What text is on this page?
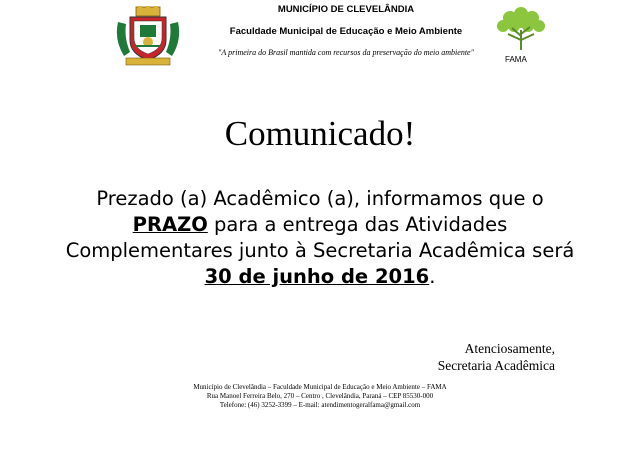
MUNICÍPIO DE CLEVELÂNDIA
Faculdade Municipal de Educação e Meio Ambiente
"A primeira do Brasil mantida com recursos da preservação do meio ambiente"
FAMA
Comunicado!
Prezado (a) Acadêmico (a), informamos que o PRAZO para a entrega das Atividades Complementares junto à Secretaria Acadêmica será 30 de junho de 2016.
Atenciosamente,
Secretaria Acadêmica
Município de Clevelândia – Faculdade Municipal de Educação e Meio Ambiente – FAMA
Rua Manoel Ferreira Belo, 270 – Centro , Clevelândia, Paraná – CEP 85530-000
Telefone: (46) 3252-3399 – E-mail: atendimentogeralfama@gmail.com
